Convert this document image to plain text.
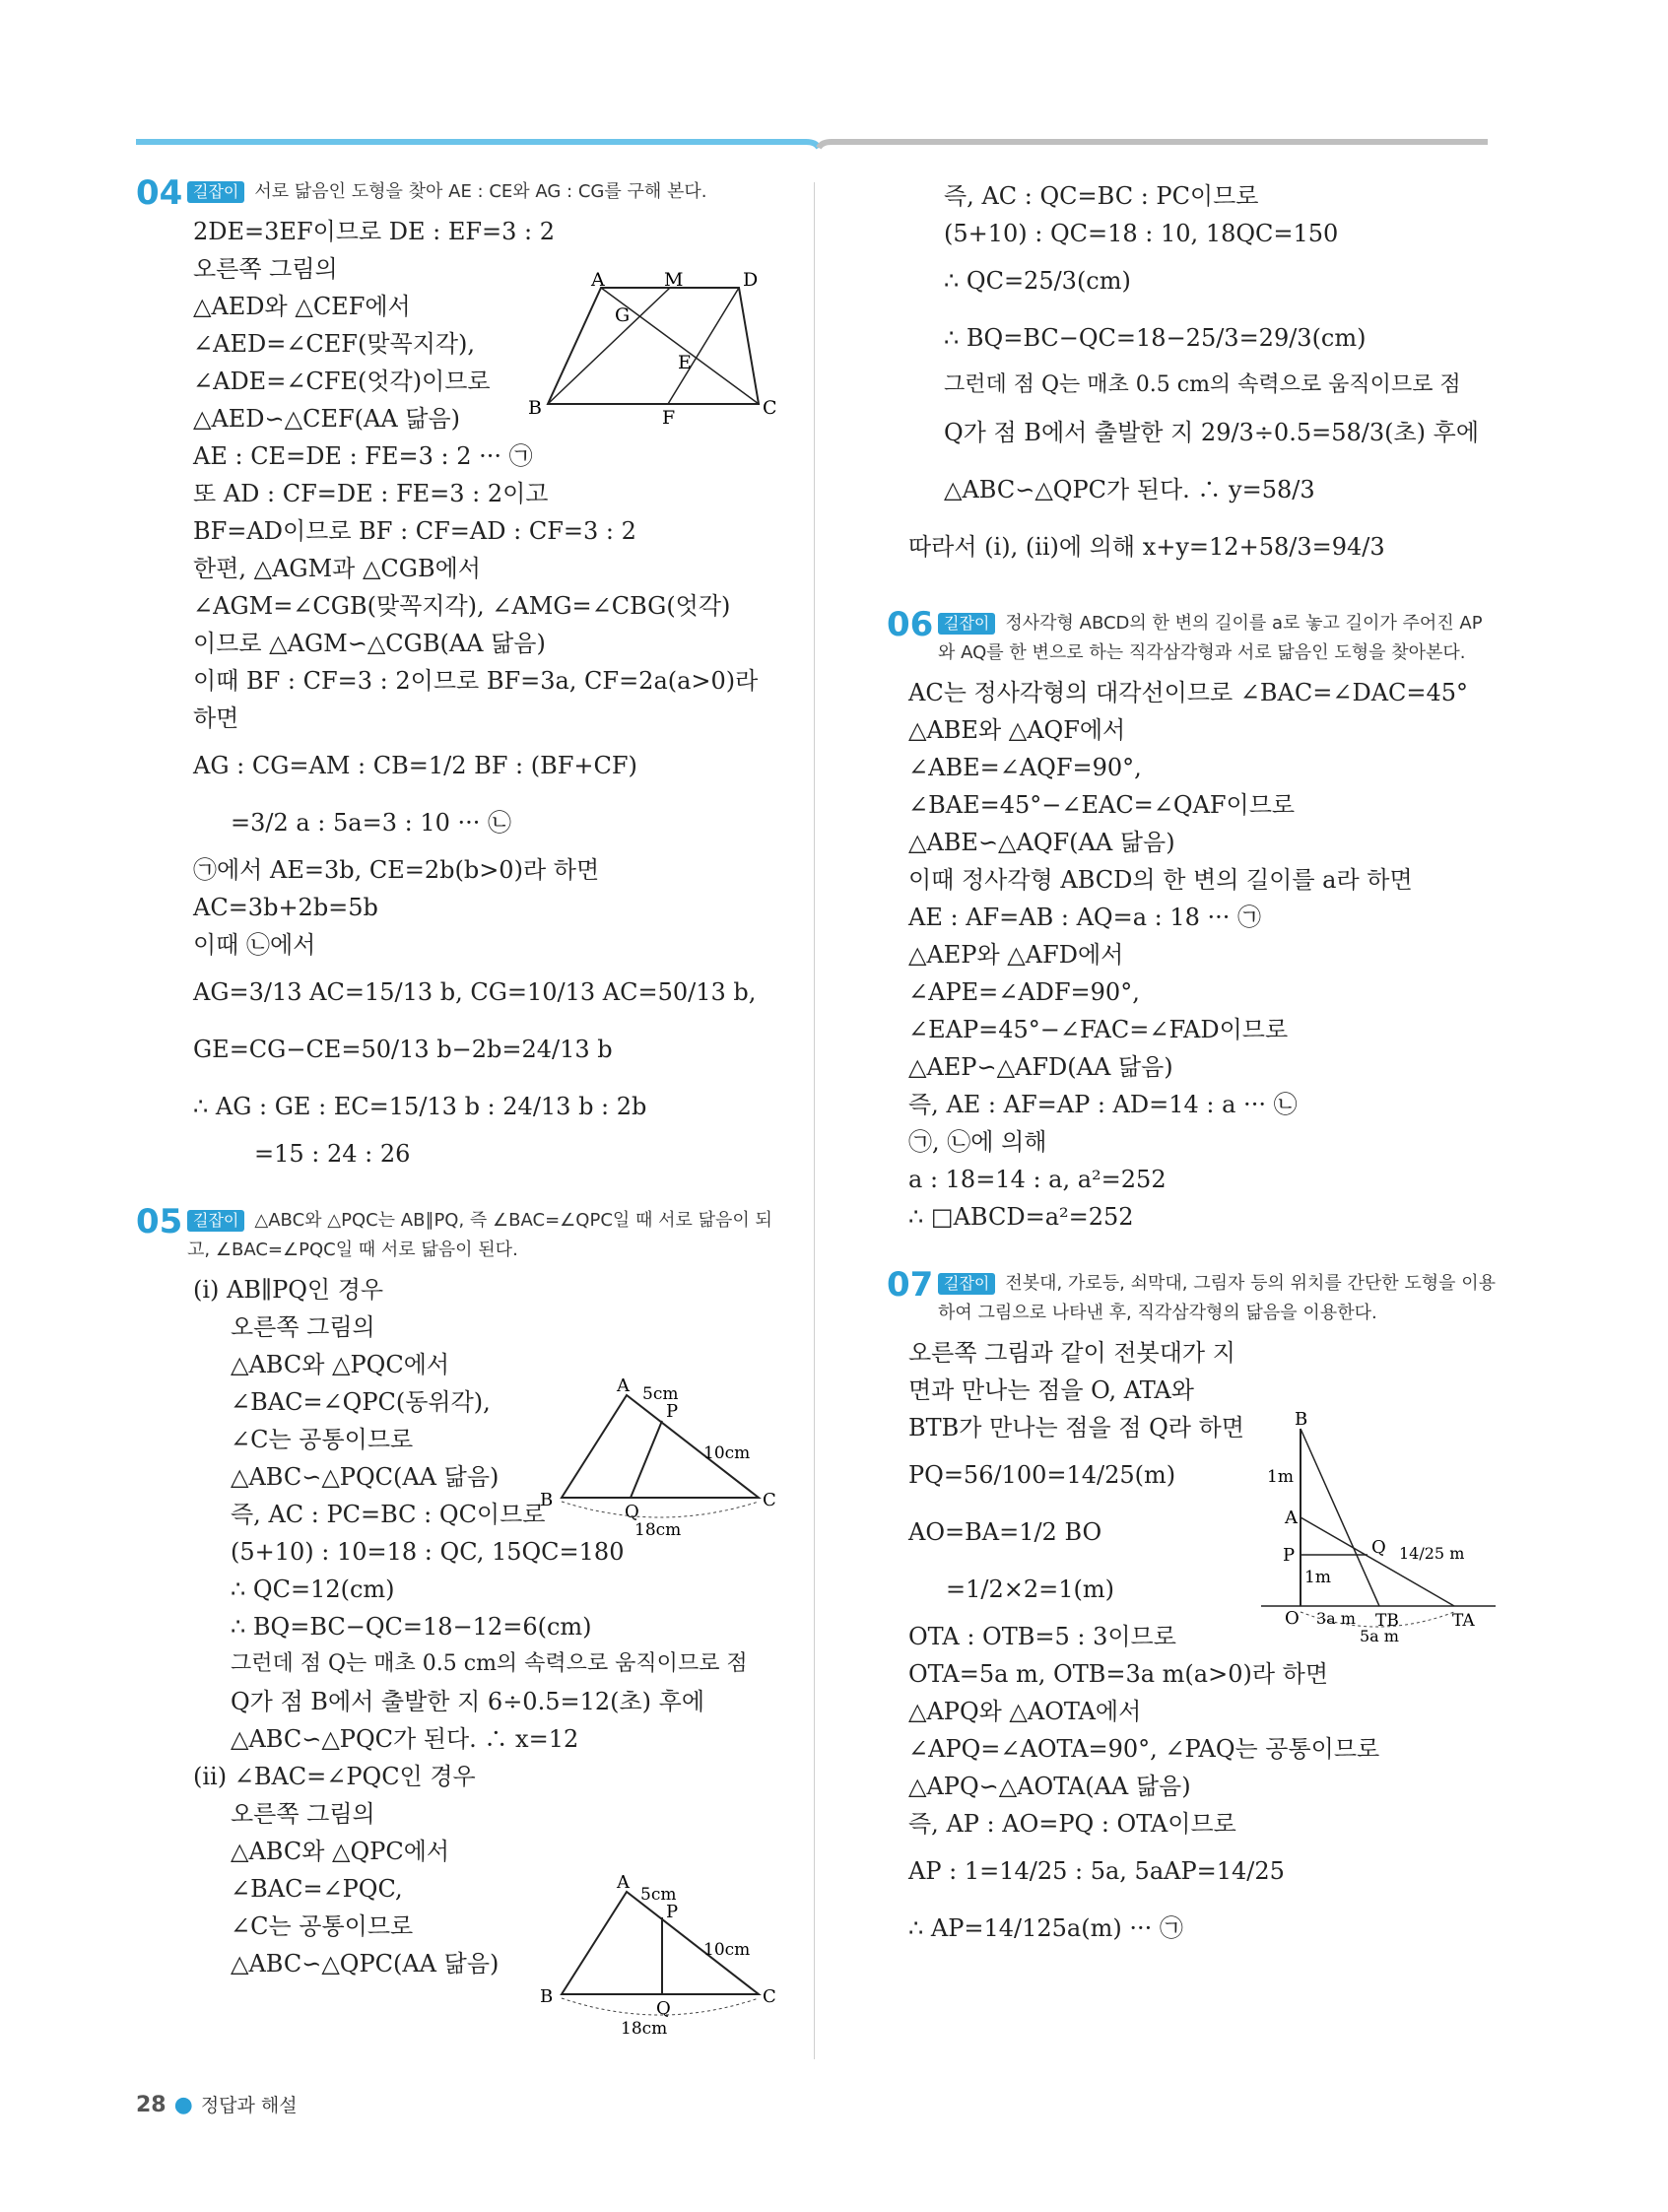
04 길잡이 서로 닮음인 도형을 찾아 AE : CE와 AG : CG를 구해 본다.
2DE=3EF이므로 DE : EF=3 : 2
오른쪽 그림의
△AED와 △CEF에서
∠AED=∠CEF(맞꼭지각),
∠ADE=∠CFE(엇각)이므로
△AED∽△CEF(AA 닮음)
AE : CE=DE : FE=3 : 2 ··· ㉠
또 AD : CF=DE : FE=3 : 2이고
BF=AD이므로 BF : CF=AD : CF=3 : 2
한편, △AGM과 △CGB에서
∠AGM=∠CGB(맞꼭지각), ∠AMG=∠CBG(엇각)
이므로 △AGM∽△CGB(AA 닮음)
이때 BF : CF=3 : 2이므로 BF=3a, CF=2a(a>0)라
하면
AG : CG=AM : CB=1/2 BF : (BF+CF)
=3/2 a : 5a=3 : 10 ··· ㉡
㉠에서 AE=3b, CE=2b(b>0)라 하면
AC=3b+2b=5b
이때 ㉡에서
AG=3/13 AC=15/13 b, CG=10/13 AC=50/13 b,
GE=CG−CE=50/13 b−2b=24/13 b
∴ AG : GE : EC=15/13 b : 24/13 b : 2b
=15 : 24 : 26
05 길잡이 △ABC와 △PQC는 AB∥PQ, 즉 ∠BAC=∠QPC일 때 서로 닮음이 되고, ∠BAC=∠PQC일 때 서로 닮음이 된다.
(ⅰ) AB∥PQ인 경우
오른쪽 그림의
△ABC와 △PQC에서
∠BAC=∠QPC(동위각),
∠C는 공통이므로
△ABC∽△PQC(AA 닮음)
즉, AC : PC=BC : QC이므로
(5+10) : 10=18 : QC, 15QC=180
∴ QC=12(cm)
∴ BQ=BC−QC=18−12=6(cm)
그런데 점 Q는 매초 0.5 cm의 속력으로 움직이므로 점
Q가 점 B에서 출발한 지 6÷0.5=12(초) 후에
△ABC∽△PQC가 된다. ∴ x=12
(ⅱ) ∠BAC=∠PQC인 경우
오른쪽 그림의
△ABC와 △QPC에서
∠BAC=∠PQC,
∠C는 공통이므로
△ABC∽△QPC(AA 닮음)
A	M	D
G
E
B	F	C
A 5cm
P
10cm
B
Q
C
18cm
A
5cm
P
10cm
B
Q
C
18cm
즉, AC : QC=BC : PC이므로
(5+10) : QC=18 : 10, 18QC=150
∴ QC=25/3(cm)
∴ BQ=BC−QC=18−25/3=29/3(cm)
그런데 점 Q는 매초 0.5 cm의 속력으로 움직이므로 점
Q가 점 B에서 출발한 지 29/3÷0.5=58/3(초) 후에
△ABC∽△QPC가 된다. ∴ y=58/3
따라서 (ⅰ), (ⅱ)에 의해 x+y=12+58/3=94/3
06 길잡이 정사각형 ABCD의 한 변의 길이를 a로 놓고 길이가 주어진 AP와 AQ를 한 변으로 하는 직각삼각형과 서로 닮음인 도형을 찾아본다.
AC는 정사각형의 대각선이므로 ∠BAC=∠DAC=45°
△ABE와 △AQF에서
∠ABE=∠AQF=90°,
∠BAE=45°−∠EAC=∠QAF이므로
△ABE∽△AQF(AA 닮음)
이때 정사각형 ABCD의 한 변의 길이를 a라 하면
AE : AF=AB : AQ=a : 18 ··· ㉠
△AEP와 △AFD에서
∠APE=∠ADF=90°,
∠EAP=45°−∠FAC=∠FAD이므로
△AEP∽△AFD(AA 닮음)
즉, AE : AF=AP : AD=14 : a ··· ㉡
㉠, ㉡에 의해
a : 18=14 : a, a²=252
∴ □ABCD=a²=252
07 길잡이 전봇대, 가로등, 쇠막대, 그림자 등의 위치를 간단한 도형을 이용하여 그림으로 나타낸 후, 직각삼각형의 닮음을 이용한다.
오른쪽 그림과 같이 전봇대가 지
면과 만나는 점을 O, ATA와
BTB가 만나는 점을 점 Q라 하면
PQ=56/100=14/25(m)
AO=BA=1/2 BO
=1/2×2=1(m)
OTA : OTB=5 : 3이므로
OTA=5a m, OTB=3a m(a>0)라 하면
△APQ와 △AOTA에서
∠APQ=∠AOTA=90°, ∠PAQ는 공통이므로
△APQ∽△AOTA(AA 닮음)
즉, AP : AO=PQ : OTA이므로
AP : 1=14/25 : 5a, 5aAP=14/25
∴ AP=14/125a(m) ··· ㉠
B
1m
A
P
1m
Q 14/25 m
O 3a m TB	TA
5a m
28 ● 정답과 해설
